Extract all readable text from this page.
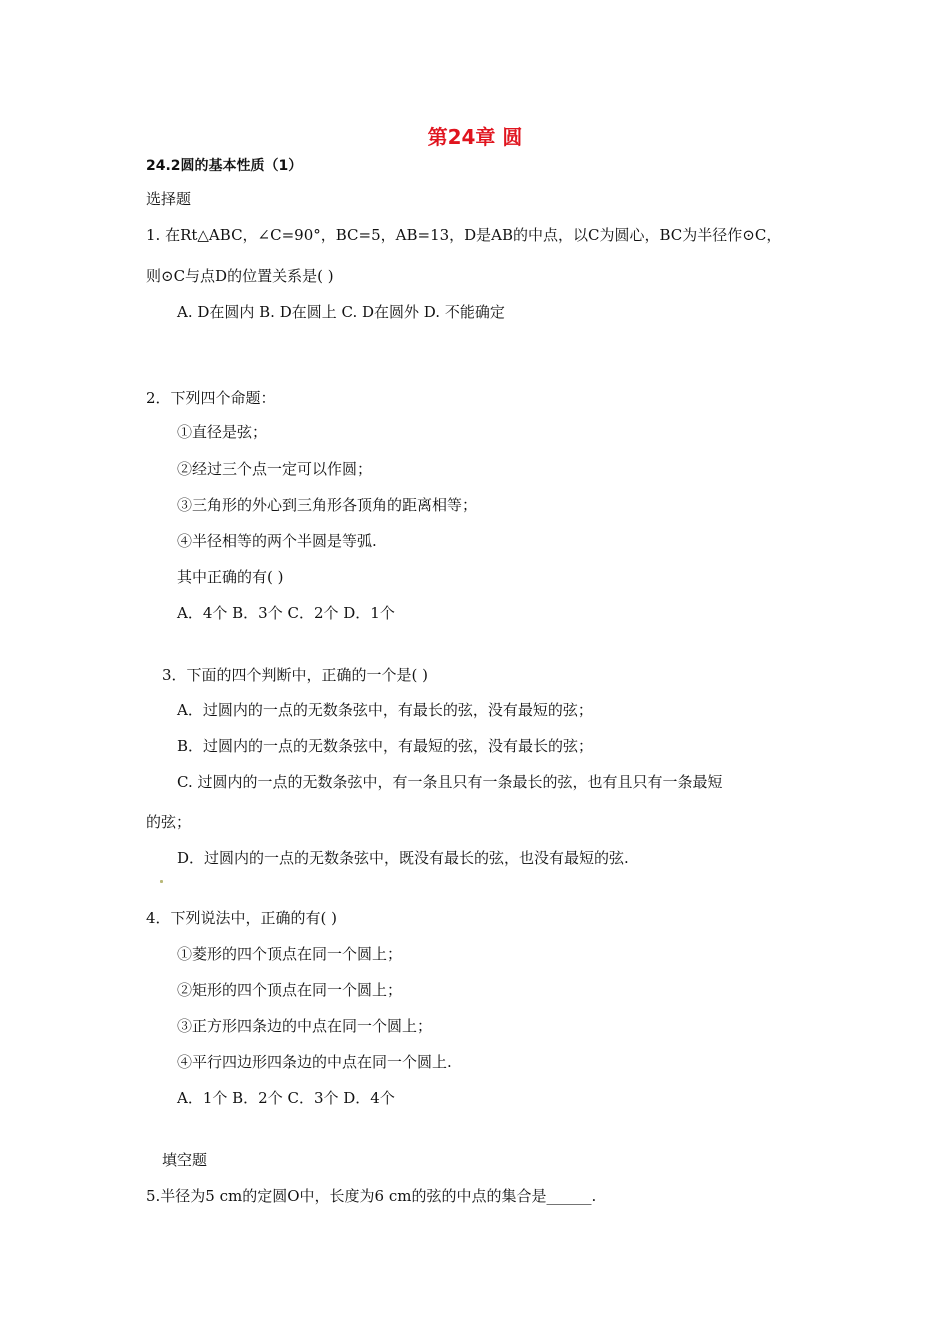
第24章 圆
24.2圆的基本性质（1）
选择题
1. 在Rt△ABC，∠C=90°，BC=5，AB=13，D是AB的中点，以C为圆心，BC为半径作⊙C，
则⊙C与点D的位置关系是( )
A. D在圆内 B. D在圆上 C. D在圆外 D. 不能确定
2．下列四个命题：
①直径是弦；
②经过三个点一定可以作圆；
③三角形的外心到三角形各顶角的距离相等；
④半径相等的两个半圆是等弧.
其中正确的有( )
A．4个 B．3个 C．2个 D．1个
3．下面的四个判断中，正确的一个是( )
A．过圆内的一点的无数条弦中，有最长的弦，没有最短的弦；
B．过圆内的一点的无数条弦中，有最短的弦，没有最长的弦；
C. 过圆内的一点的无数条弦中，有一条且只有一条最长的弦，也有且只有一条最短
的弦；
D．过圆内的一点的无数条弦中，既没有最长的弦，也没有最短的弦.
4．下列说法中，正确的有( )
①菱形的四个顶点在同一个圆上；
②矩形的四个顶点在同一个圆上；
③正方形四条边的中点在同一个圆上；
④平行四边形四条边的中点在同一个圆上.
A．1个 B．2个 C．3个 D．4个
填空题
5.半径为5 cm的定圆O中，长度为6 cm的弦的中点的集合是______.
